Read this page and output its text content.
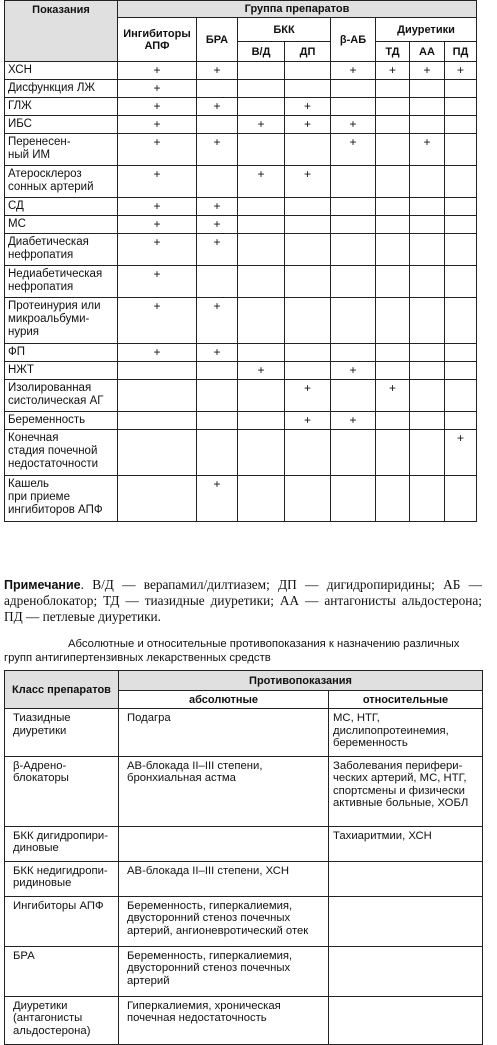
Показания	Группа препаратов							
	Ингибиторы АПФ	БРА	БКК		β-АБ	Диуретики		
			В/Д	ДП		ТД	АА	ПД
ХСН	+	+			+	+	+	+
Дисфункция ЛЖ	+							
ГЛЖ	+	+		+				
ИБС	+		+	+	+			
Перенесен-
ный ИМ	+	+			+		+	
Атеросклероз
сонных артерий	+		+	+				
СД	+	+						
МС	+	+						
Диабетическая
нефропатия	+	+						
Недиабетическая
нефропатия	+							
Протеинурия или
микроальбуми-
нурия	+	+						
ФП	+	+						
НЖТ			+		+			
Изолированная
систолическая АГ				+		+		
Беременность				+	+			
Конечная
стадия почечной
недостаточности								+
Кашель
при приеме
ингибиторов АПФ		+						

Примечание. В/Д — верапамил/дилтиазем; ДП — дигидропиридины; АБ — адреноблокатор; ТД — тиазидные диуретики; АА — антагонисты альдостерона; ПД — петлевые диуретики.

Абсолютные и относительные противопоказания к назначению различных
групп антигипертензивных лекарственных средств

Класс препаратов	Противопоказания	
	абсолютные	относительные
Тиазидные
диуретики	Подагра	МС, НТГ,
дислипопротеинемия,
беременность
β-Адрено-
блокаторы	АВ-блокада II–III степени,
бронхиальная астма	Заболевания перифери-
ческих артерий, МС, НТГ,
спортсмены и физически
активные больные, ХОБЛ
БКК дигидропири-
диновые		Тахиаритмии, ХСН
БКК недигидропи-
ридиновые	АВ-блокада II–III степени, ХСН	
Ингибиторы АПФ	Беременность, гиперкалиемия,
двусторонний стеноз почечных
артерий, ангионевротический отек	
БРА	Беременность, гиперкалиемия,
двусторонний стеноз почечных
артерий	
Диуретики
(антагонисты
альдостерона)	Гиперкалиемия, хроническая
почечная недостаточность	
